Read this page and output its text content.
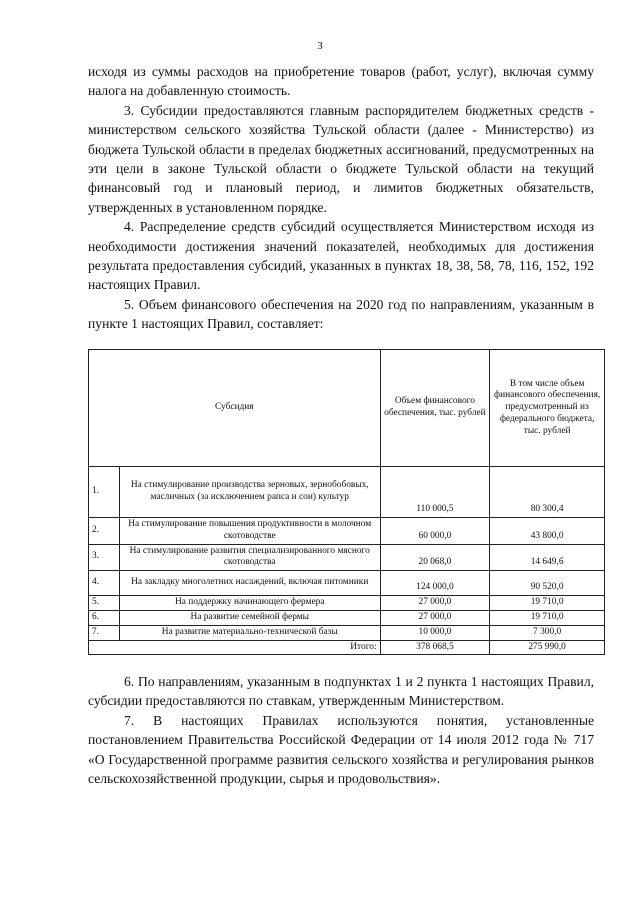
3

исходя из суммы расходов на приобретение товаров (работ, услуг), включая сумму налога на добавленную стоимость.

3. Субсидии предоставляются главным распорядителем бюджетных средств - министерством сельского хозяйства Тульской области (далее - Министерство) из бюджета Тульской области в пределах бюджетных ассигнований, предусмотренных на эти цели в законе Тульской области о бюджете Тульской области на текущий финансовый год и плановый период, и лимитов бюджетных обязательств, утвержденных в установленном порядке.

4. Распределение средств субсидий осуществляется Министерством исходя из необходимости достижения значений показателей, необходимых для достижения результата предоставления субсидий, указанных в пунктах 18, 38, 58, 78, 116, 152, 192 настоящих Правил.

5. Объем финансового обеспечения на 2020 год по направлениям, указанным в пункте 1 настоящих Правил, составляет:

Субсидия		Объем финансового обеспечения, тыс. рублей	В том числе объем финансового обеспечения, предусмотренный из федерального бюджета, тыс. рублей
1.	На стимулирование производства зерновых, зернобобовых, масличных (за исключением рапса и сои) культур	110 000,5	80 300,4
2.	На стимулирование повышения продуктивности в молочном скотоводстве	60 000,0	43 800,0
3.	На стимулирование развития специализированного мясного скотоводства	20 068,0	14 649,6
4.	На закладку многолетних насаждений, включая питомники	124 000,0	90 520,0
5.	На поддержку начинающего фермера	27 000,0	19 710,0
6.	На развитие семейной фермы	27 000,0	19 710,0
7.	На развитие материально-технической базы	10 000,0	7 300,0
Итого:		378 068,5	275 990,0

6. По направлениям, указанным в подпунктах 1 и 2 пункта 1 настоящих Правил, субсидии предоставляются по ставкам, утвержденным Министерством.

7. В настоящих Правилах используются понятия, установленные постановлением Правительства Российской Федерации от 14 июля 2012 года № 717 «О Государственной программе развития сельского хозяйства и регулирования рынков сельскохозяйственной продукции, сырья и продовольствия».
